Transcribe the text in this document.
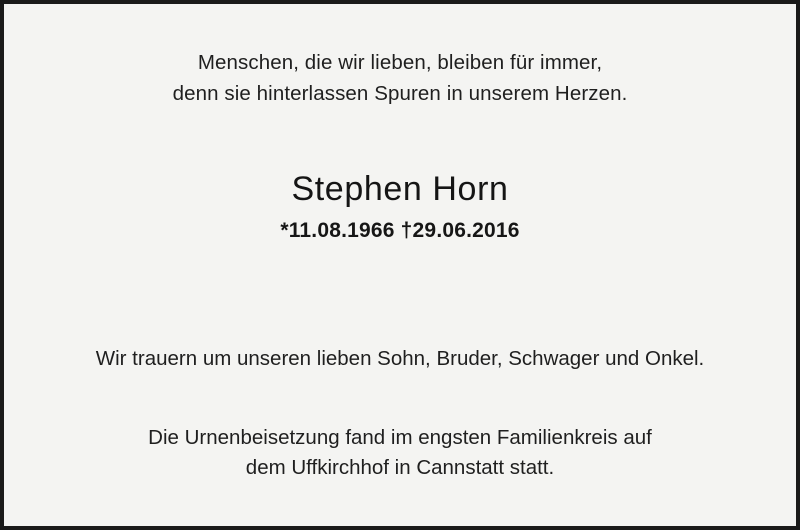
Menschen, die wir lieben, bleiben für immer,
denn sie hinterlassen Spuren in unserem Herzen.
Stephen Horn
*11.08.1966 †29.06.2016
Wir trauern um unseren lieben Sohn, Bruder, Schwager und Onkel.
Die Urnenbeisetzung fand im engsten Familienkreis auf
dem Uffkirchhof in Cannstatt statt.
